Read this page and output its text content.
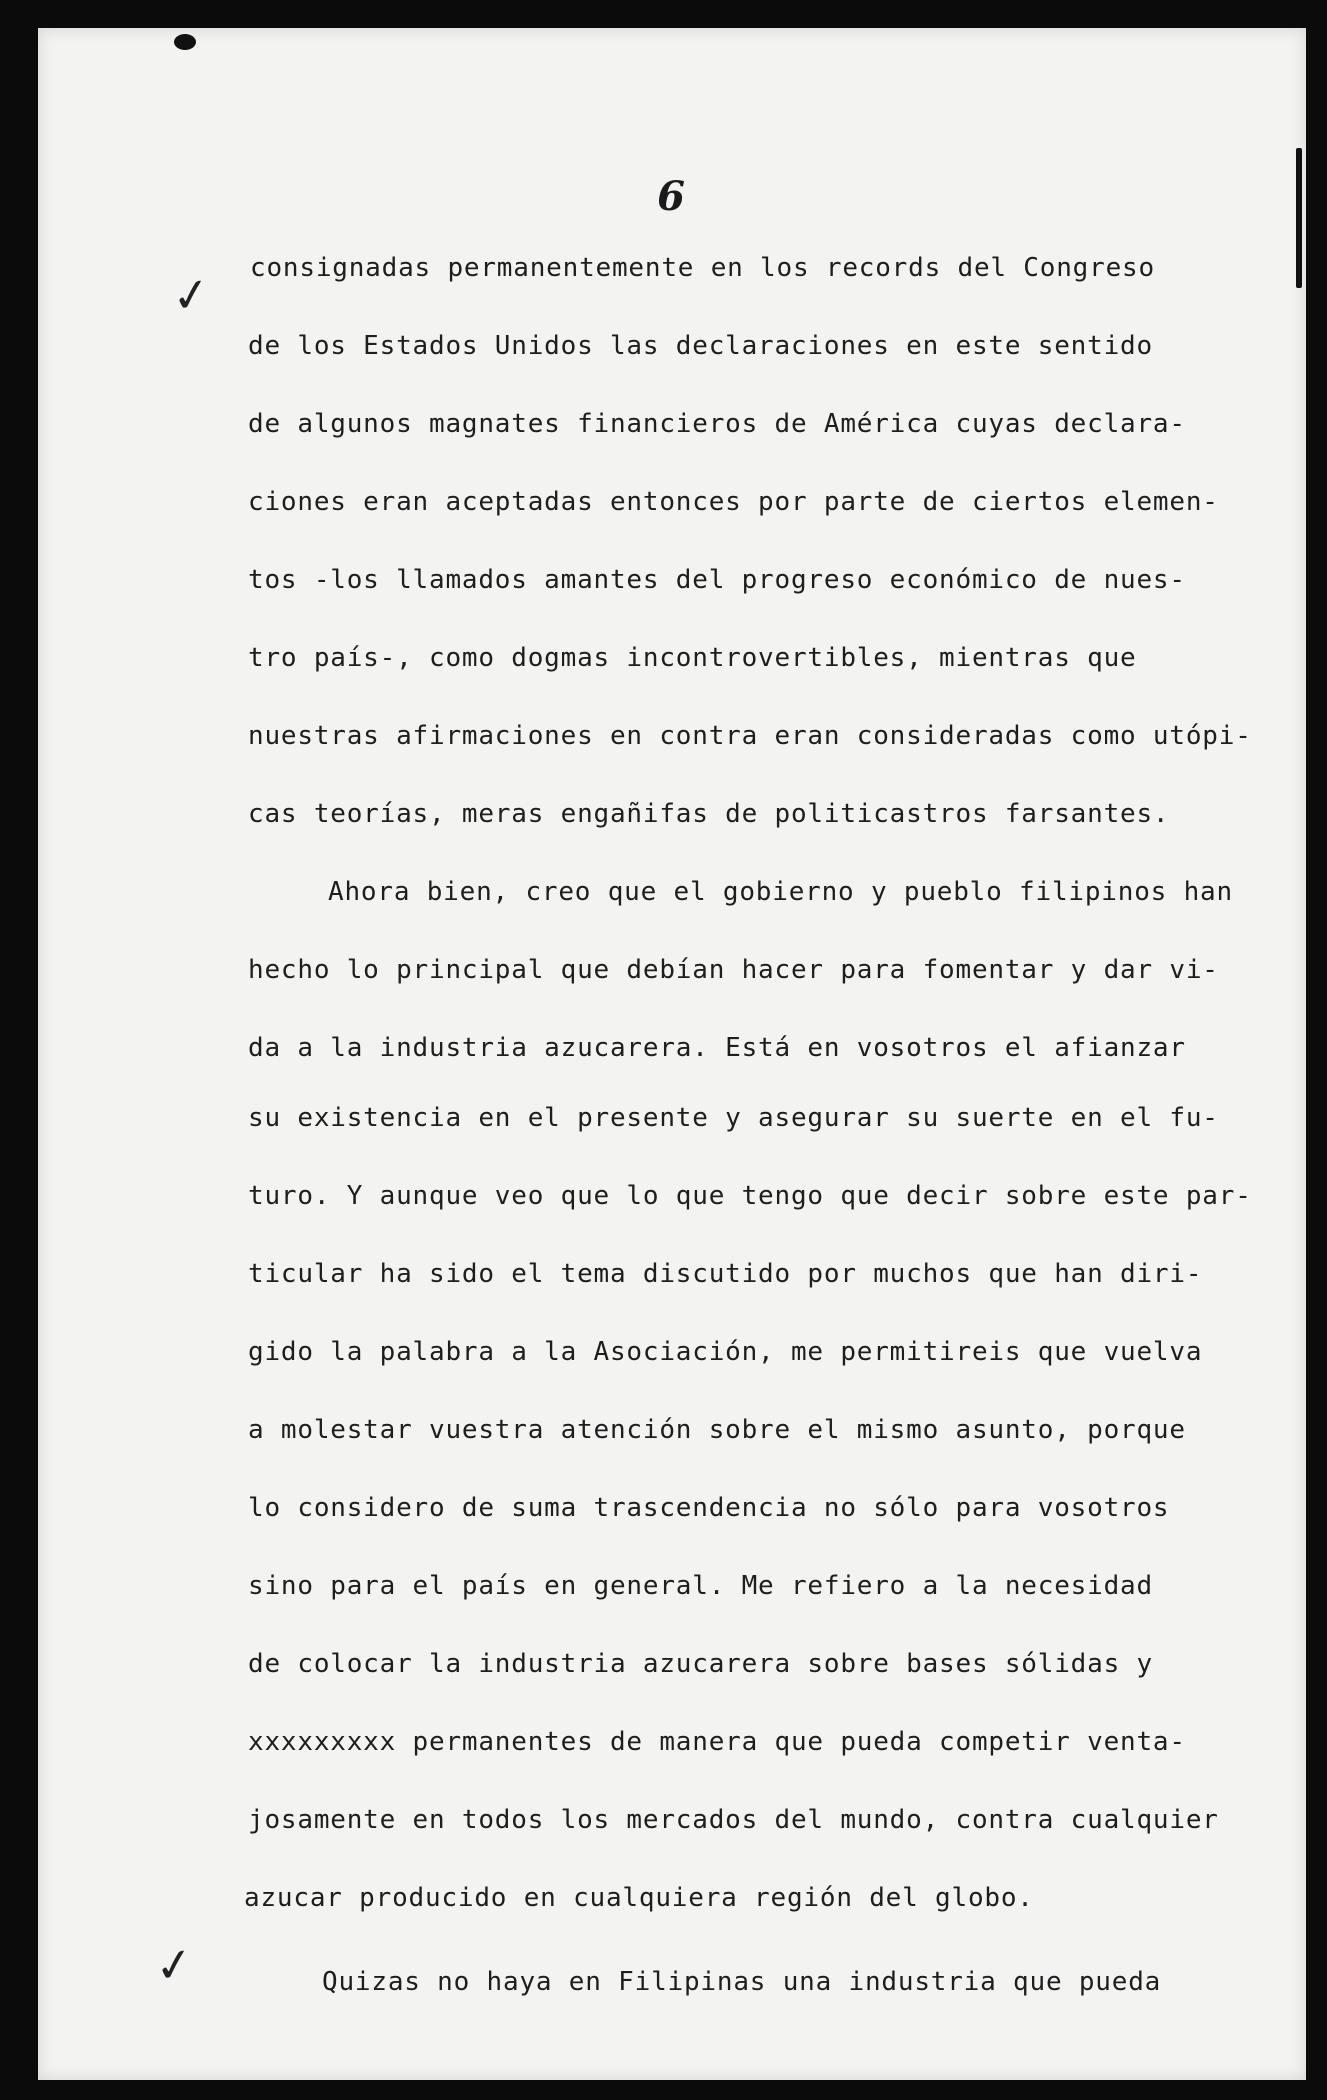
6
✓
✓
consignadas permanentemente en los records del Congreso
de los Estados Unidos las declaraciones en este sentido
de algunos magnates financieros de América cuyas declara-
ciones eran aceptadas entonces por parte de ciertos elemen-
tos -los llamados amantes del progreso económico de nues-
tro país-, como dogmas incontrovertibles, mientras que
nuestras afirmaciones en contra eran consideradas como utópi-
cas teorías, meras engañifas de politicastros farsantes.
Ahora bien, creo que el gobierno y pueblo filipinos han
hecho lo principal que debían hacer para fomentar y dar vi-
da a la industria azucarera. Está en vosotros el afianzar
su existencia en el presente y asegurar su suerte en el fu-
turo. Y aunque veo que lo que tengo que decir sobre este par-
ticular ha sido el tema discutido por muchos que han diri-
gido la palabra a la Asociación, me permitireis que vuelva
a molestar vuestra atención sobre el mismo asunto, porque
lo considero de suma trascendencia no sólo para vosotros
sino para el país en general. Me refiero a la necesidad
de colocar la industria azucarera sobre bases sólidas y
xxxxxxxxx permanentes de manera que pueda competir venta-
josamente en todos los mercados del mundo, contra cualquier
azucar producido en cualquiera región del globo.
Quizas no haya en Filipinas una industria que pueda
